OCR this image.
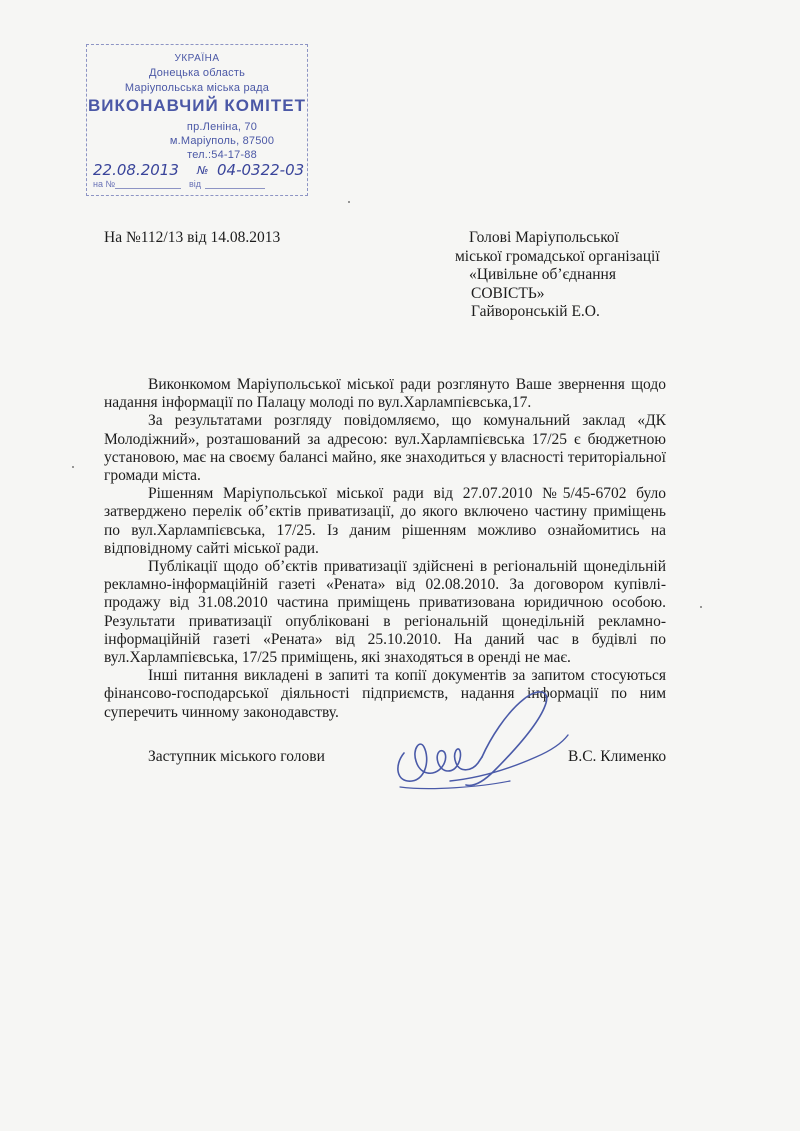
УКРАЇНА
Донецька область
Маріупольська міська рада
ВИКОНАВЧИЙ КОМІТЕТ
пр.Леніна, 70
м.Маріуполь, 87500
тел.:54-17-88
22.08.2013 № 04-0322-03
на №	від
На №112/13 від 14.08.2013	Голові Маріупольської
міської громадської організації
«Цивільне об’єднання
СОВІСТЬ»
Гайворонській Е.О.

Виконкомом Маріупольської міської ради розглянуто Ваше звернення щодо надання інформації по Палацу молоді по вул.Харлампієвська,17.

За результатами розгляду повідомляємо, що комунальний заклад «ДК Молодіжний», розташований за адресою: вул.Харлампієвська 17/25 є бюджетною установою, має на своєму балансі майно, яке знаходиться у власності територіальної громади міста.

Рішенням Маріупольської міської ради від 27.07.2010 №5/45-6702 було затверджено перелік об’єктів приватизації, до якого включено частину приміщень по вул.Харлампієвська, 17/25. Із даним рішенням можливо ознайомитись на відповідному сайті міської ради.

Публікації щодо об’єктів приватизації здійснені в регіональній щонедільній рекламно-інформаційній газеті «Рената» від 02.08.2010. За договором купівлі-продажу від 31.08.2010 частина приміщень приватизована юридичною особою. Результати приватизації опубліковані в регіональній щонедільній рекламно-інформаційній газеті «Рената» від 25.10.2010. На даний час в будівлі по вул.Харлампієвська, 17/25 приміщень, які знаходяться в оренді не має.

Інші питання викладені в запиті та копії документів за запитом стосуються фінансово-господарської діяльності підприємств, надання інформації по ним суперечить чинному законодавству.

Заступник міського голови	В.С. Клименко
